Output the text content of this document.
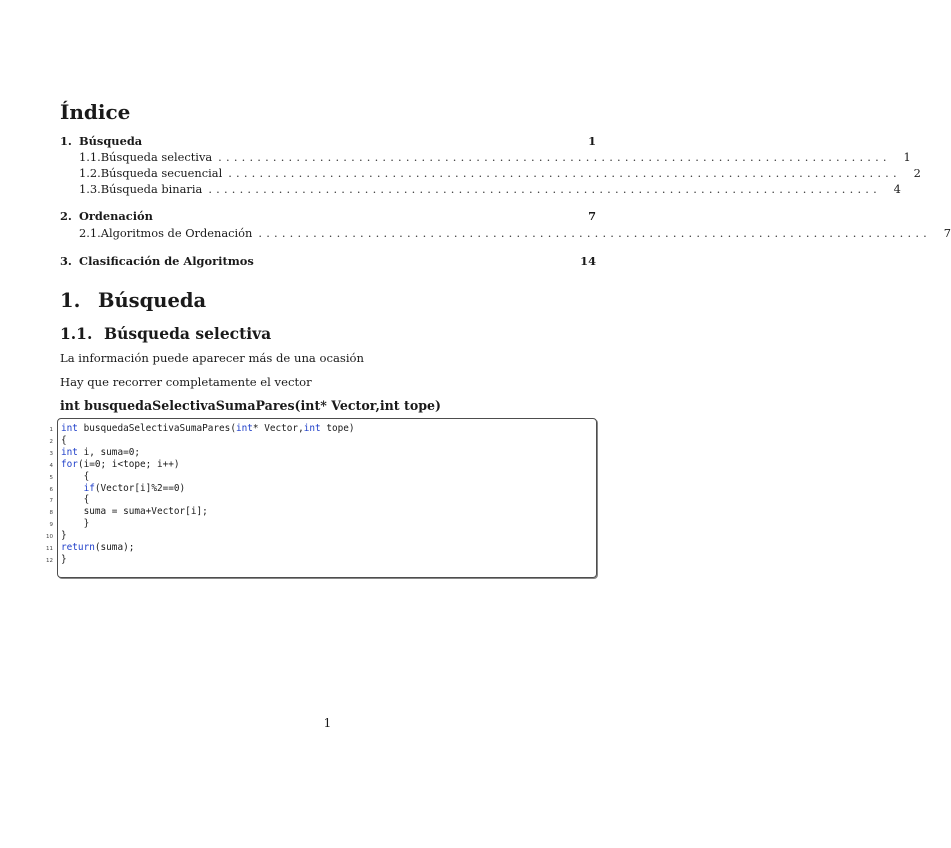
Índice
1. Búsqueda	1
1.1. Búsqueda selectiva ......................................................................................	1
1.2. Búsqueda secuencial ......................................................................................	2
1.3. Búsqueda binaria ......................................................................................	4
2. Ordenación	7
2.1. Algoritmos de Ordenación ......................................................................................	7
3. Clasificación de Algoritmos	14
1. Búsqueda
1.1. Búsqueda selectiva
La información puede aparecer más de una ocasión
Hay que recorrer completamente el vector
int busquedaSelectivaSumaPares(int* Vector,int tope)
1 int busquedaSelectivaSumaPares(int* Vector,int tope)
2 {
3 int i, suma=0;
4 for(i=0; i<tope; i++)
5 {
6	if(Vector[i]%2==0)
7 {
8 suma = suma+Vector[i];
9 }
10 }
11 return(suma);
12 }
1
